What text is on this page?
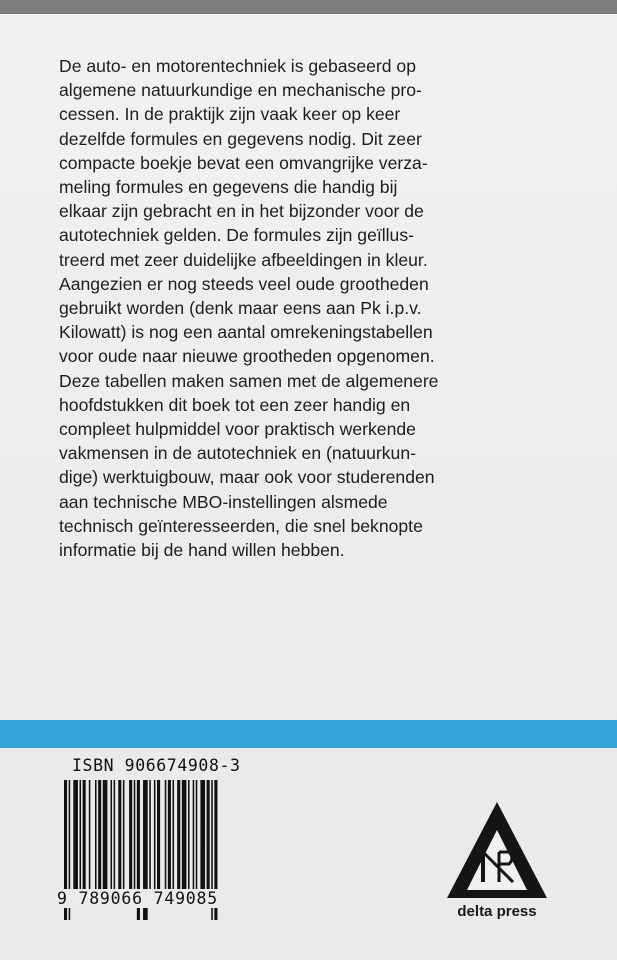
De auto- en motorentechniek is gebaseerd op
algemene natuurkundige en mechanische pro-
cessen. In de praktijk zijn vaak keer op keer
dezelfde formules en gegevens nodig. Dit zeer
compacte boekje bevat een omvangrijke verza-
meling formules en gegevens die handig bij
elkaar zijn gebracht en in het bijzonder voor de
autotechniek gelden. De formules zijn geïllus-
treerd met zeer duidelijke afbeeldingen in kleur.
Aangezien er nog steeds veel oude grootheden
gebruikt worden (denk maar eens aan Pk i.p.v.
Kilowatt) is nog een aantal omrekeningstabellen
voor oude naar nieuwe grootheden opgenomen.
Deze tabellen maken samen met de algemenere
hoofdstukken dit boek tot een zeer handig en
compleet hulpmiddel voor praktisch werkende
vakmensen in de autotechniek en (natuurkun-
dige) werktuigbouw, maar ook voor studerenden
aan technische MBO-instellingen alsmede
technisch geïnteresseerden, die snel beknopte
informatie bij de hand willen hebben.

ISBN 906674908-3
9 789066 749085
delta press
